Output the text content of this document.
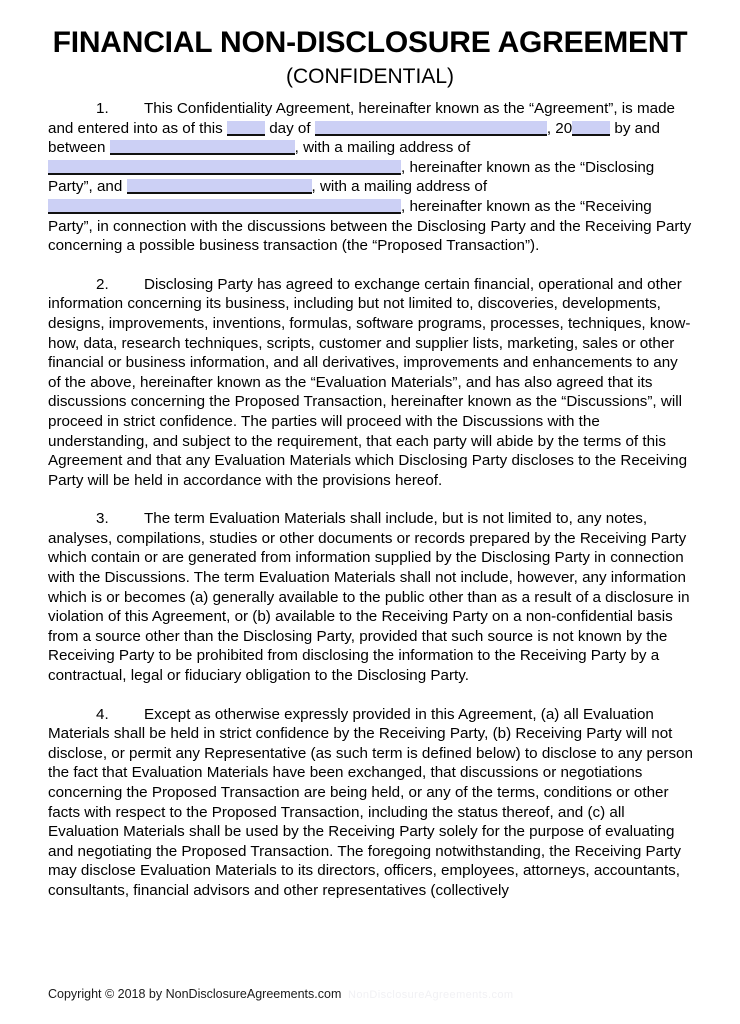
FINANCIAL NON-DISCLOSURE AGREEMENT
(CONFIDENTIAL)

1. This Confidentiality Agreement, hereinafter known as the “Agreement”, is made and entered into as of this	day of	, 20	by and between	, with a mailing address of , hereinafter known as the “Disclosing Party”, and	, with a mailing address of , hereinafter known as the “Receiving Party”, in connection with the discussions between the Disclosing Party and the Receiving Party concerning a possible business transaction (the “Proposed Transaction”).

2. Disclosing Party has agreed to exchange certain financial, operational and other information concerning its business, including but not limited to, discoveries, developments, designs, improvements, inventions, formulas, software programs, processes, techniques, know-how, data, research techniques, scripts, customer and supplier lists, marketing, sales or other financial or business information, and all derivatives, improvements and enhancements to any of the above, hereinafter known as the “Evaluation Materials”, and has also agreed that its discussions concerning the Proposed Transaction, hereinafter known as the “Discussions”, will proceed in strict confidence. The parties will proceed with the Discussions with the understanding, and subject to the requirement, that each party will abide by the terms of this Agreement and that any Evaluation Materials which Disclosing Party discloses to the Receiving Party will be held in accordance with the provisions hereof.

3. The term Evaluation Materials shall include, but is not limited to, any notes, analyses, compilations, studies or other documents or records prepared by the Receiving Party which contain or are generated from information supplied by the Disclosing Party in connection with the Discussions. The term Evaluation Materials shall not include, however, any information which is or becomes (a) generally available to the public other than as a result of a disclosure in violation of this Agreement, or (b) available to the Receiving Party on a non-confidential basis from a source other than the Disclosing Party, provided that such source is not known by the Receiving Party to be prohibited from disclosing the information to the Receiving Party by a contractual, legal or fiduciary obligation to the Disclosing Party.

4. Except as otherwise expressly provided in this Agreement, (a) all Evaluation Materials shall be held in strict confidence by the Receiving Party, (b) Receiving Party will not disclose, or permit any Representative (as such term is defined below) to disclose to any person the fact that Evaluation Materials have been exchanged, that discussions or negotiations concerning the Proposed Transaction are being held, or any of the terms, conditions or other facts with respect to the Proposed Transaction, including the status thereof, and (c) all Evaluation Materials shall be used by the Receiving Party solely for the purpose of evaluating and negotiating the Proposed Transaction. The foregoing notwithstanding, the Receiving Party may disclose Evaluation Materials to its directors, officers, employees, attorneys, accountants, consultants, financial advisors and other representatives (collectively

Copyright © 2018 by NonDisclosureAgreements.com NonDisclosureAgreements.com
